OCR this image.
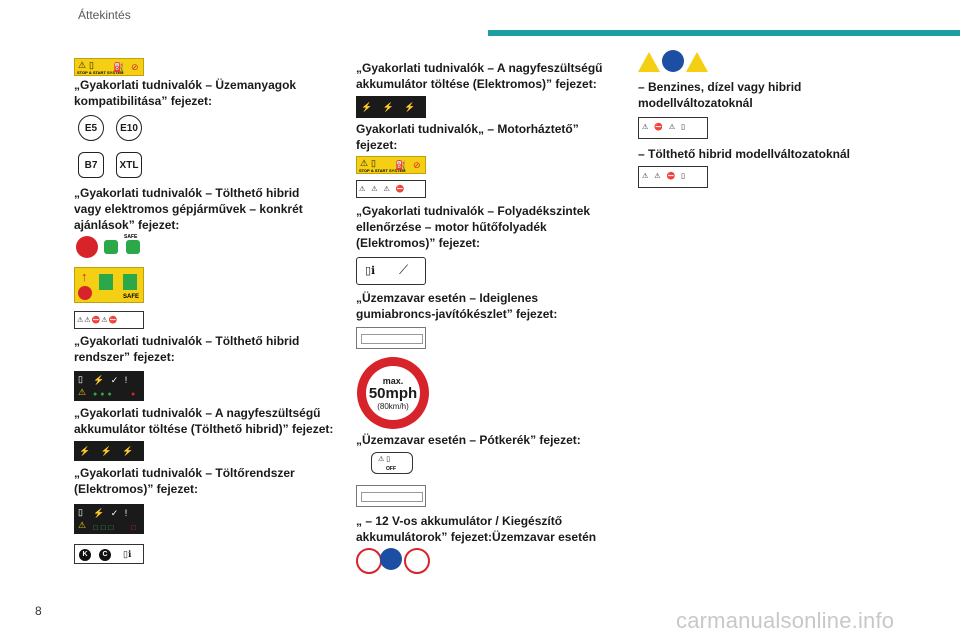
Áttekintés
⚠ ▯
STOP & START SYSTEM
⛽ ⊘

„Gyakorlati tudnivalók – Üzemanyagok kompatibilitása” fejezet:

E5	E10
B7	XTL

„Gyakorlati tudnivalók – Tölthető hibrid vagy elektromos gépjárművek – konkrét ajánlások” fejezet:

SAFE
↑
SAFE
⚠⚠⛔⚠⛔

„Gyakorlati tudnivalók – Tölthető hibrid rendszer” fejezet:

▯
⚠
⚡ ✓ !
●●● ●

„Gyakorlati tudnivalók – A nagyfeszültségű akkumulátor töltése (Tölthető hibrid)” fejezet:

⚡ ⚡ ⚡

„Gyakorlati tudnivalók – Töltőrendszer (Elektromos)” fejezet:

▯
⚠
⚡ ✓ !
□□□ □
K	C	▯ℹ

„Gyakorlati tudnivalók – A nagyfeszültségű akkumulátor töltése (Elektromos)” fejezet:

⚡ ⚡ ⚡

Gyakorlati tudnivalók„ – Motorháztető” fejezet:

⚠ ▯
STOP & START SYSTEM
⛽ ⊘
⚠ ⚠ ⚠ ⛔

„Gyakorlati tudnivalók – Folyadékszintek ellenőrzése – motor hűtőfolyadék (Elektromos)” fejezet:

▯ℹ ⟋

„Üzemzavar esetén – Ideiglenes gumiabroncs-javítókészlet” fejezet:

max.
50mph
(80km/h)

„Üzemzavar esetén – Pótkerék” fejezet:

⚠ ▯
OFF

„ – 12 V-os akkumulátor / Kiegészítő akkumulátorok” fejezet:Üzemzavar esetén

– Benzines, dízel vagy hibrid modellváltozatoknál

⚠ ⛔ ⚠ ▯

– Tölthető hibrid modellváltozatoknál

⚠ ⚠ ⛔ ▯
8	carmanualsonline.info
